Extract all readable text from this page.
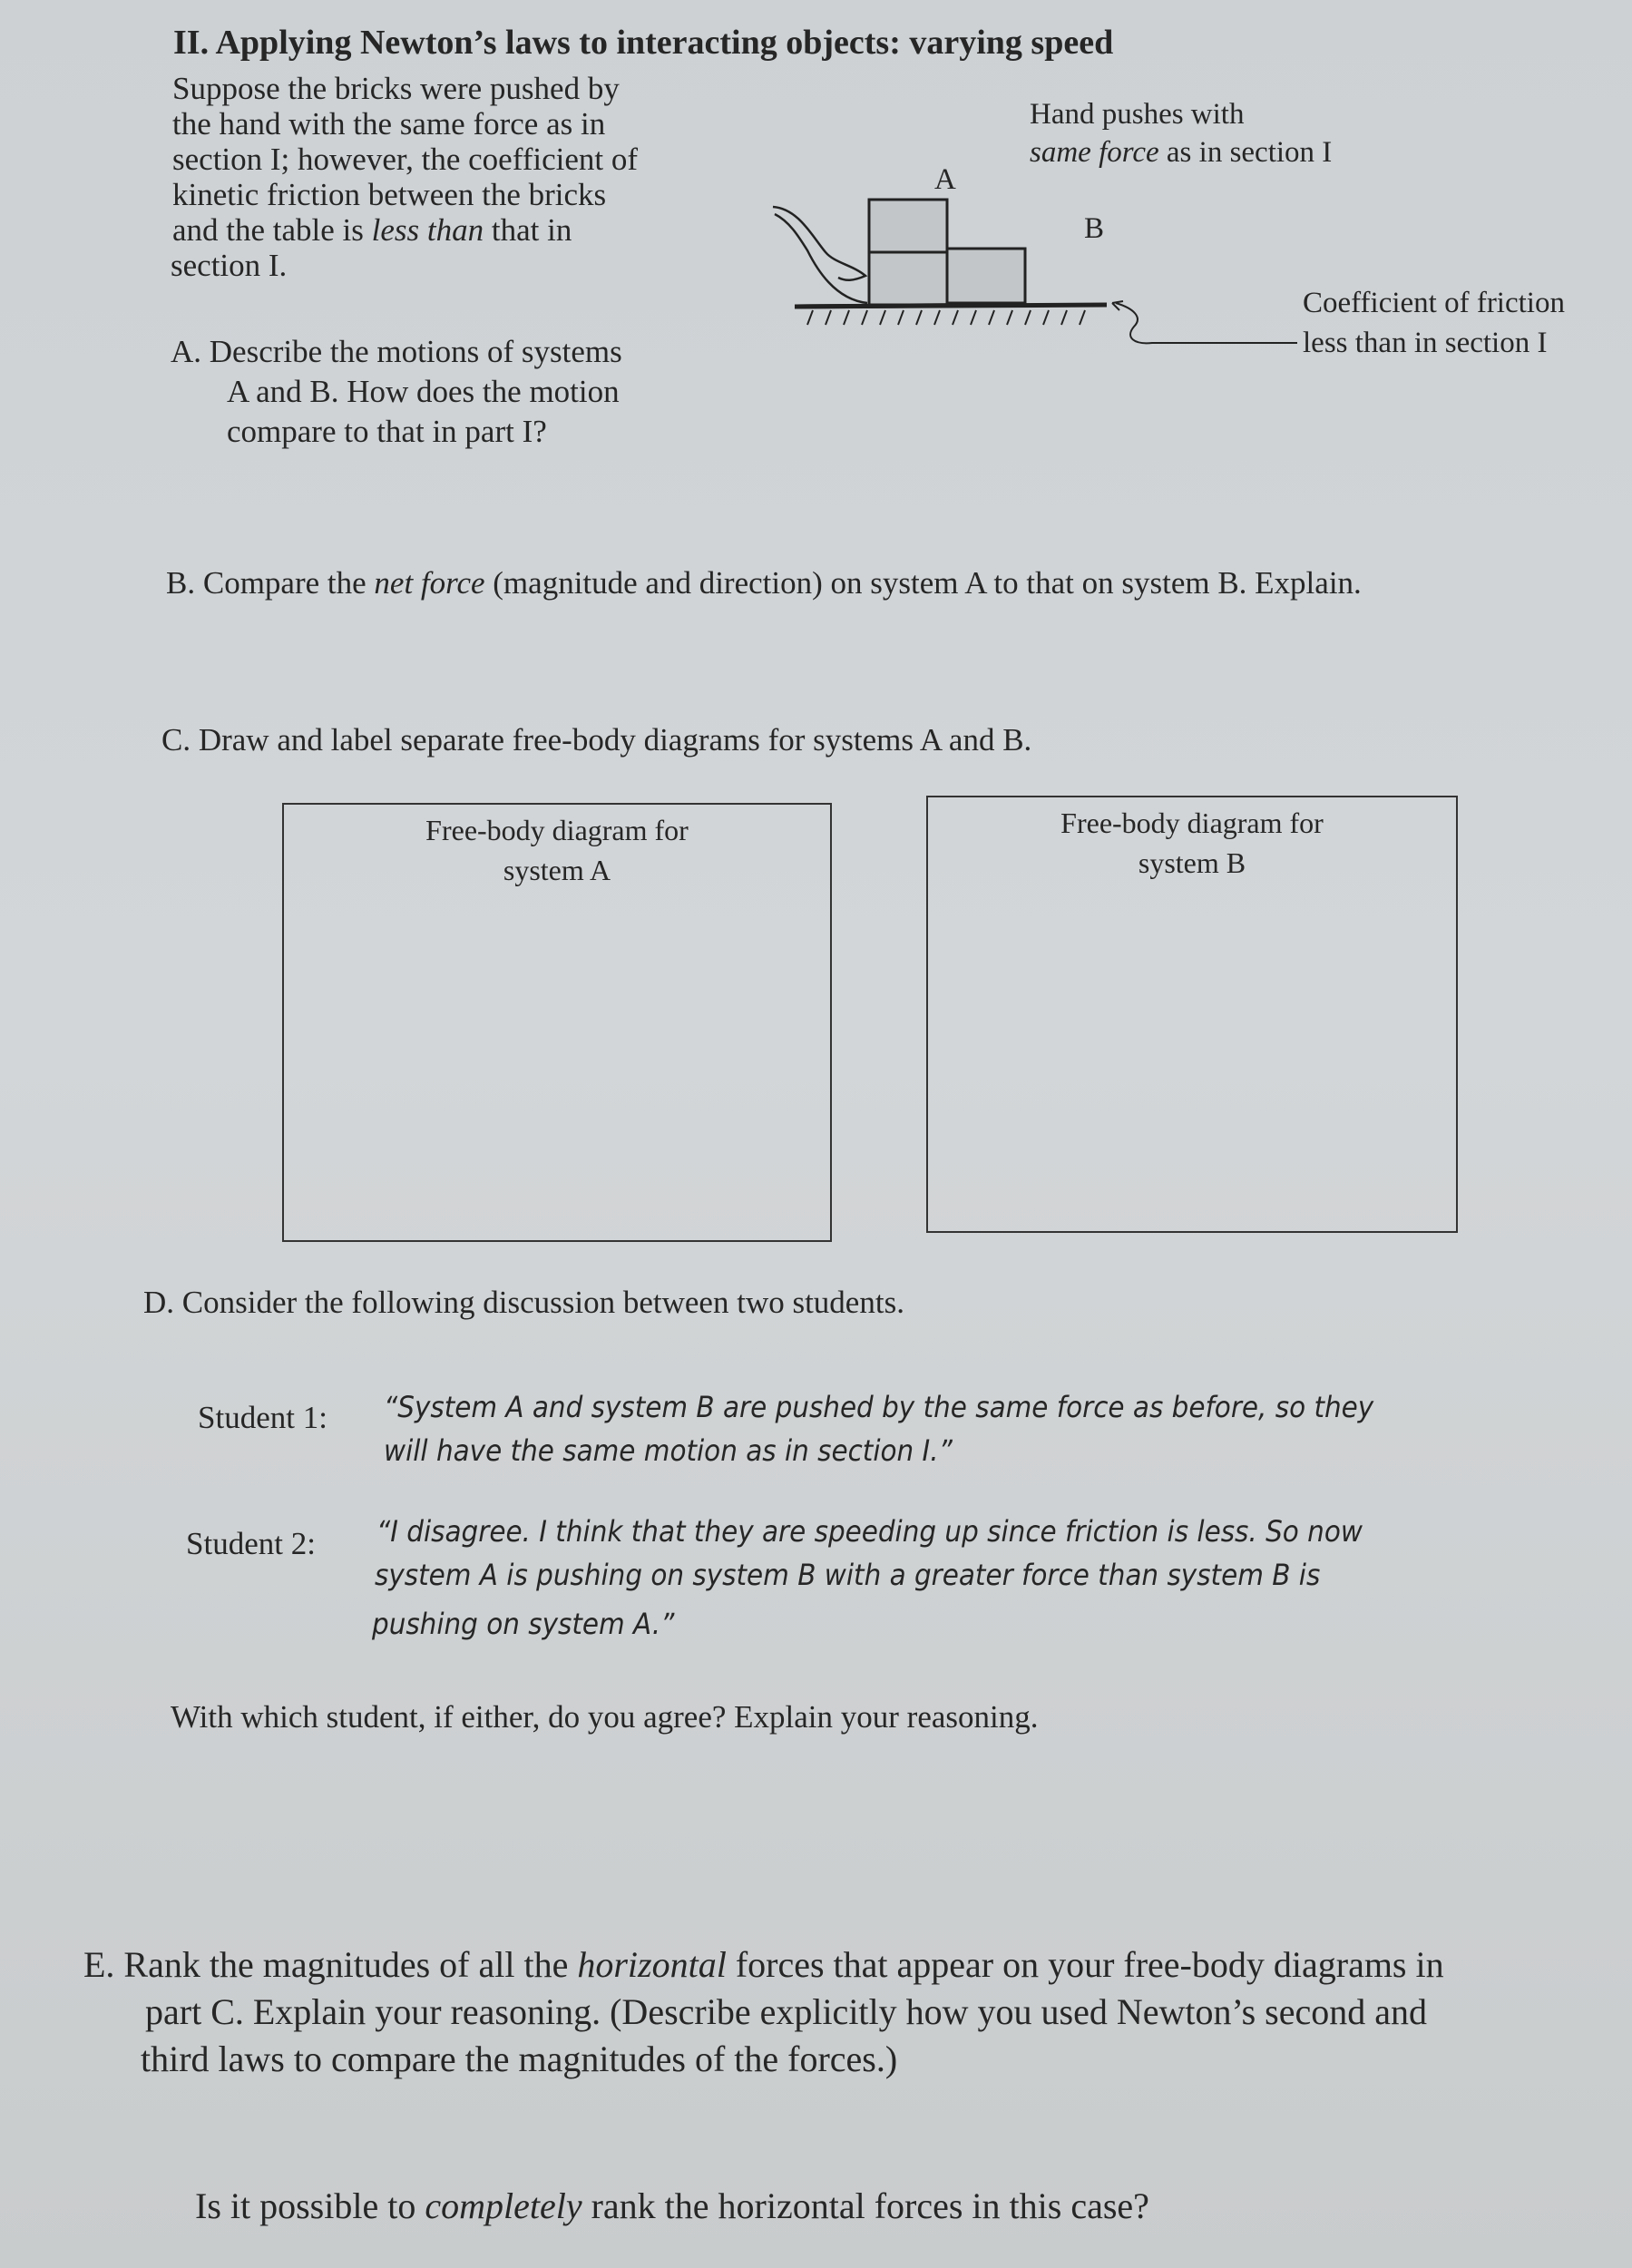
II. Applying Newton’s laws to interacting objects: varying speed
Suppose the bricks were pushed by
the hand with the same force as in
section I; however, the coefficient of
kinetic friction between the bricks
and the table is less than that in
section I.
Hand pushes with
same force as in section I
A
B
Coefficient of friction
less than in section I
A. Describe the motions of systems
A and B. How does the motion
compare to that in part I?
B. Compare the net force (magnitude and direction) on system A to that on system B. Explain.
C. Draw and label separate free-body diagrams for systems A and B.
Free-body diagram for
system A
Free-body diagram for
system B
D. Consider the following discussion between two students.
Student 1: “System A and system B are pushed by the same force as before, so they
will have the same motion as in section I.”
Student 2: “I disagree. I think that they are speeding up since friction is less. So now
system A is pushing on system B with a greater force than system B is
pushing on system A.”
With which student, if either, do you agree? Explain your reasoning.
E. Rank the magnitudes of all the horizontal forces that appear on your free-body diagrams in
part C. Explain your reasoning. (Describe explicitly how you used Newton’s second and
third laws to compare the magnitudes of the forces.)
Is it possible to completely rank the horizontal forces in this case?
